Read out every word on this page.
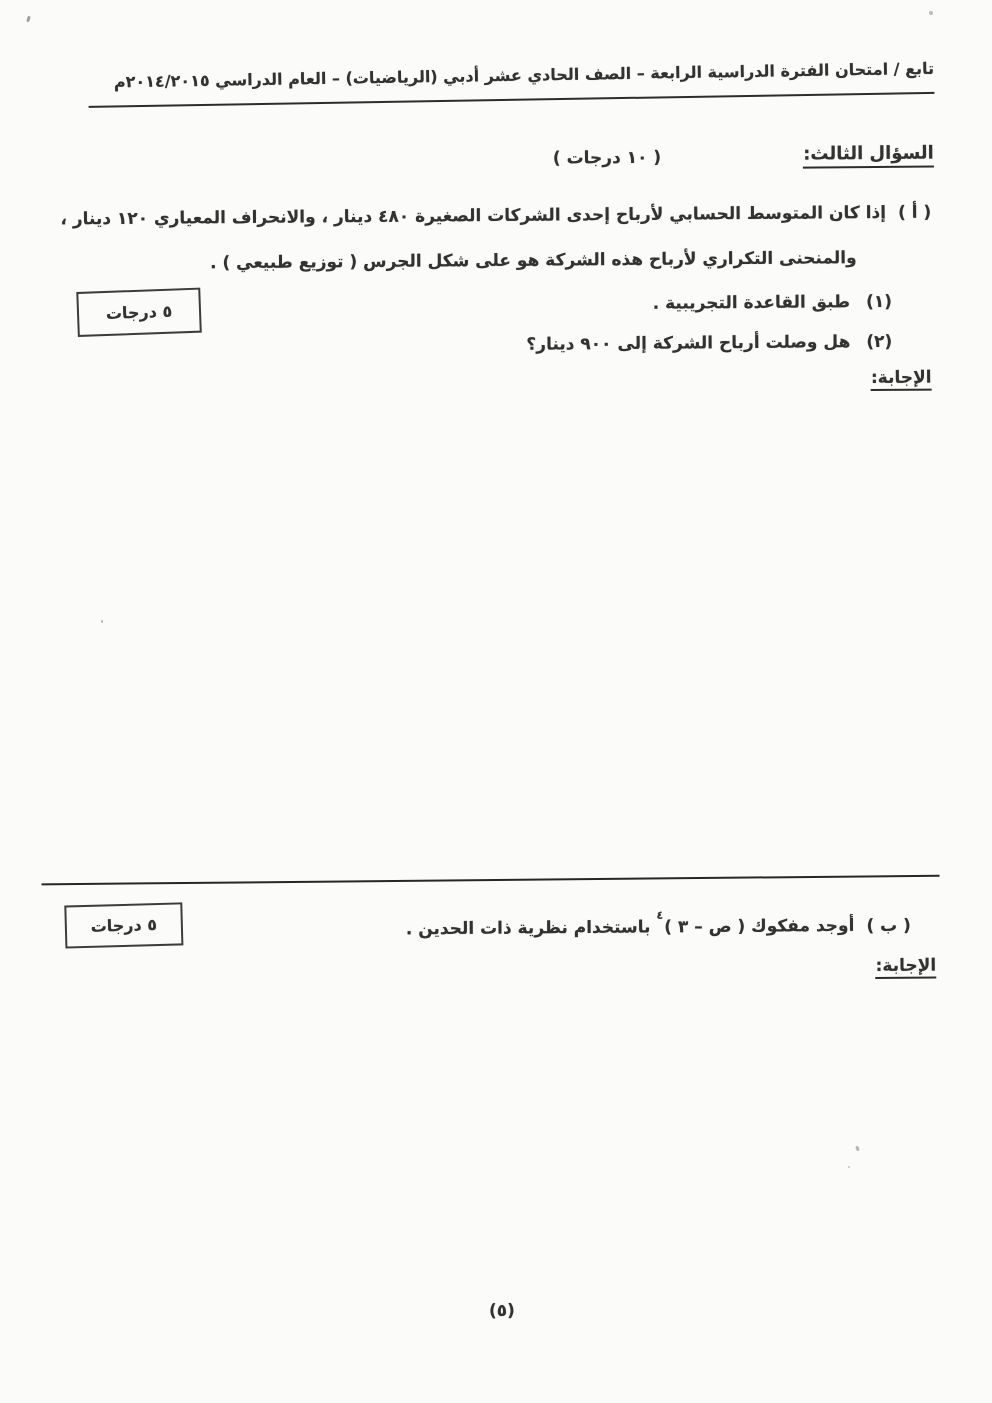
تابع / امتحان الفترة الدراسية الرابعة – الصف الحادي عشر أدبي (الرياضيات) – العام الدراسي ٢٠١٤/٢٠١٥م
السؤال الثالث:
( ١٠ درجات )
( أ )إذا كان المتوسط الحسابي لأرباح إحدى الشركات الصغيرة ٤٨٠ دينار ، والانحراف المعياري ١٢٠ دينار ،
والمنحنى التكراري لأرباح هذه الشركة هو على شكل الجرس ( توزيع طبيعي ) .
٥ درجات	(١)طبق القاعدة التجريبية .
(٢)هل وصلت أرباح الشركة إلى ٩٠٠ دينار؟
الإجابة:
( ب )أوجد مفكوك ( ص – ٣ )$^٤$باستخدام نظرية ذات الحدين .
٥ درجات
الإجابة:
(٥)
